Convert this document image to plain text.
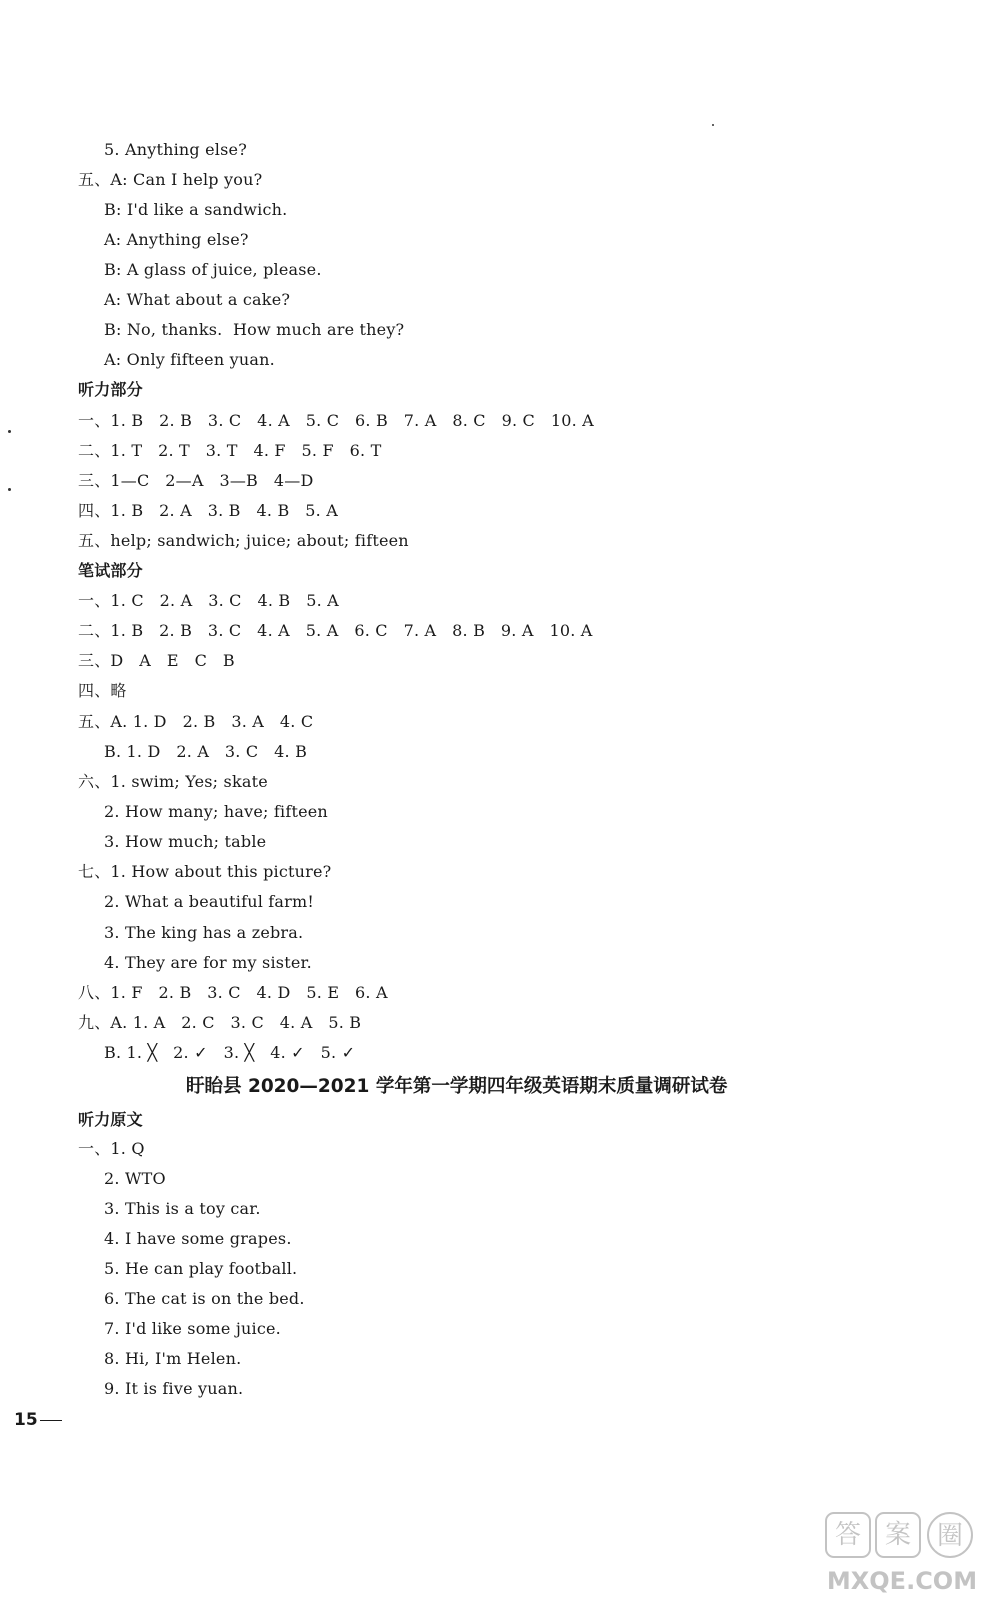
5. Anything else?
五、A: Can I help you?
B: I'd like a sandwich.
A: Anything else?
B: A glass of juice, please.
A: What about a cake?
B: No, thanks.  How much are they?
A: Only fifteen yuan.
听力部分
一、1. B   2. B   3. C   4. A   5. C   6. B   7. A   8. C   9. C   10. A
二、1. T   2. T   3. T   4. F   5. F   6. T
三、1—C   2—A   3—B   4—D
四、1. B   2. A   3. B   4. B   5. A
五、help; sandwich; juice; about; fifteen
笔试部分
一、1. C   2. A   3. C   4. B   5. A
二、1. B   2. B   3. C   4. A   5. A   6. C   7. A   8. B   9. A   10. A
三、D   A   E   C   B
四、略
五、A. 1. D   2. B   3. A   4. C
B. 1. D   2. A   3. C   4. B
六、1. swim; Yes; skate
2. How many; have; fifteen
3. How much; table
七、1. How about this picture?
2. What a beautiful farm!
3. The king has a zebra.
4. They are for my sister.
八、1. F   2. B   3. C   4. D   5. E   6. A
九、A. 1. A   2. C   3. C   4. A   5. B
B. 1. ╳   2. ✓   3. ╳   4. ✓   5. ✓
盱眙县 2020—2021 学年第一学期四年级英语期末质量调研试卷
听力原文
一、1. Q
2. WTO
3. This is a toy car.
4. I have some grapes.
5. He can play football.
6. The cat is on the bed.
7. I'd like some juice.
8. Hi, I'm Helen.
9. It is five yuan.
15
答 案 圈
MXQE.COM
